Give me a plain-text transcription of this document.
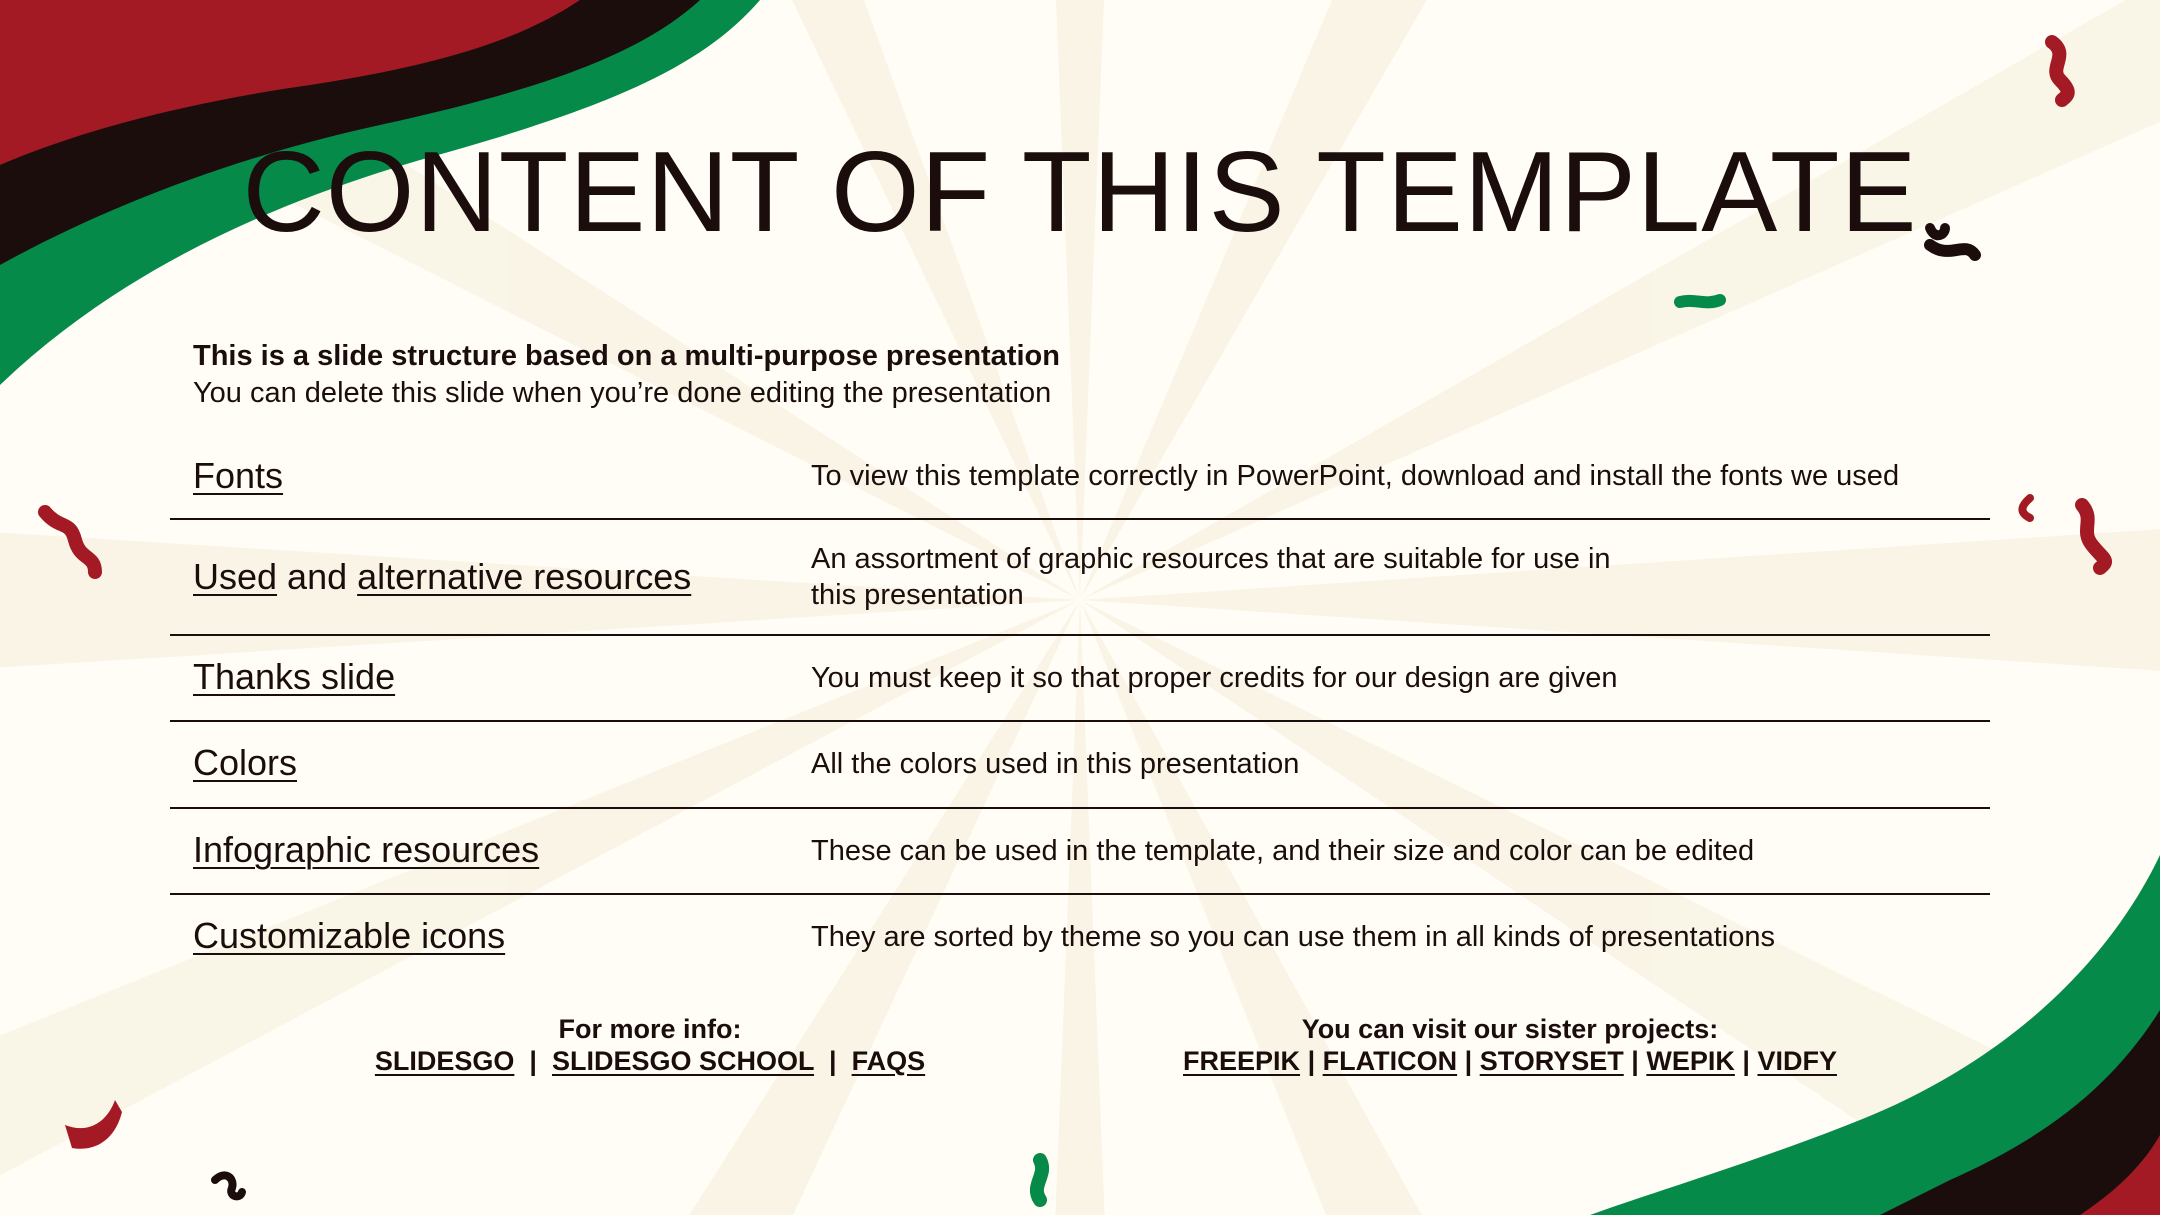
CONTENT OF THIS TEMPLATE
This is a slide structure based on a multi-purpose presentation
You can delete this slide when you’re done editing the presentation
Fonts	To view this template correctly in PowerPoint, download and install the fonts we used
Used and alternative resources	An assortment of graphic resources that are suitable for use in
this presentation
Thanks slide	You must keep it so that proper credits for our design are given
Colors	All the colors used in this presentation
Infographic resources	These can be used in the template, and their size and color can be edited
Customizable icons	They are sorted by theme so you can use them in all kinds of presentations
For more info:
SLIDESGO | SLIDESGO SCHOOL | FAQS
You can visit our sister projects:
FREEPIK | FLATICON | STORYSET | WEPIK | VIDFY
